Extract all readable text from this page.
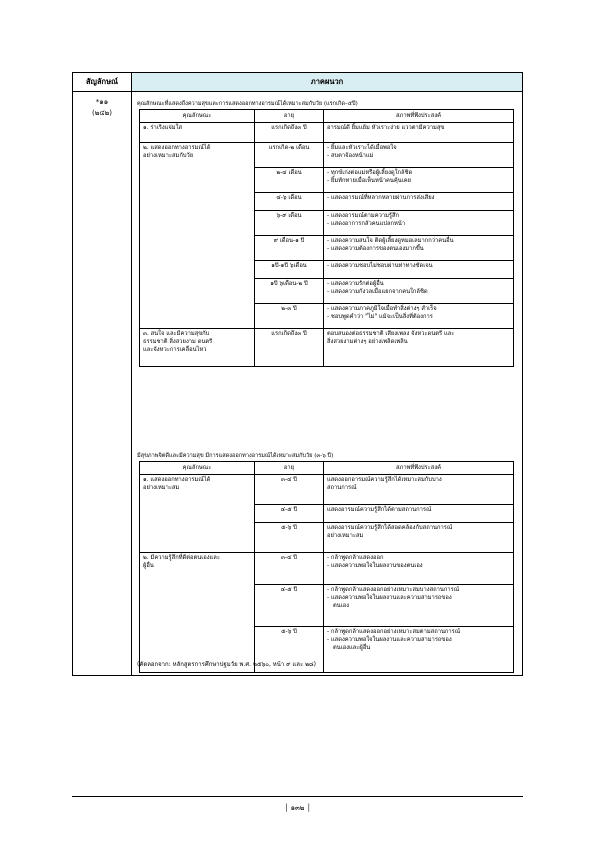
สัญลักษณ์	ภาคผนวก
*๑๑
(๒๔๒)
คุณลักษณะที่แสดงถึงความสุขและการแสดงออกทางอารมณ์ได้เหมาะสมกับวัย (แรกเกิด–๕ปี)
คุณลักษณะ	อายุ	สภาพที่พึงประสงค์

๑. ร่าเริงแจ่มใส	แรกเกิดถึง๓ ปี	อารมณ์ดี ยิ้มแย้ม หัวเราะง่าย แววตามีความสุข

๒. แสดงออกทางอารมณ์ได้
อย่างเหมาะสมกับวัย	แรกเกิด-๒ เดือน	- ยิ้มและหัวเราะได้เมื่อพอใจ
- สบตาจ้องหน้าแม่

	๒-๔ เดือน	- ทุกข์เก่งต่อแม่หรือผู้เลี้ยงดูใกล้ชิด
- ยิ้มทักทายเมื่อเห็นหน้าคนคุ้นเคย

	๔-๖ เดือน	- แสดงอารมณ์ที่หลากหลายผ่านการส่งเสียง

	๖-๙ เดือน	- แสดงอารมณ์ตามความรู้สึก
- แสดงอาการกลัวคนแปลกหน้า

	๙ เดือน-๑ ปี	- แสดงความสนใจ ติดผู้เลี้ยงดูหมอเลมากกว่าคนอื่น
- แสดงความต้องการของตนเองมากขึ้น

	๑ปี-๑ปี ๖เดือน	- แสดงความชอบไม่ชอบผ่านท่าทางชัดเจน

	๑ปี ๖เดือน-๒ ปี	- แสดงความรักต่อผู้อื่น
- แสดงความกังวลเมื่อแยกจากคนใกล้ชิด

	๒-๓ ปี	- แสดงความภาคภูมิใจเมื่อทำสิ่งต่างๆ สำเร็จ
- ชอบพูดคำว่า "ไม่" แม้จะเป็นสิ่งที่ต้องการ

๓. สนใจ และมีความสุขกับ
ธรรมชาติ สิ่งสวยงาม ดนตรี
และจังหวะการเคลื่อนไหว	แรกเกิดถึง๓ ปี	ตอบสนองต่อธรรมชาติ เสียงเพลง จังหวะดนตรี และ
สิ่งสวยงามต่างๆ อย่างเพลิดเพลิน
มีสุขภาพจิตดีและมีความสุข มีการแสดงออกทางอารมณ์ได้เหมาะสมกับวัย (๓-๖ ปี)
คุณลักษณะ	อายุ	สภาพที่พึงประสงค์

๑. แสดงออกทางอารมณ์ได้
อย่างเหมาะสม	๓-๔ ปี	แสดงออกอารมณ์ความรู้สึกได้เหมาะสมกับบาง
สถานการณ์

	๔-๕ ปี	แสดงอารมณ์ความรู้สึกได้ตามสถานการณ์

	๕-๖ ปี	แสดงอารมณ์ความรู้สึกได้สอดคล้องกับสถานการณ์
อย่างเหมาะสม

๒. มีความรู้สึกที่ดีต่อตนเองและ
ผู้อื่น	๓-๔ ปี	- กล้าพูดกล้าแสดงออก
- แสดงความพอใจในผลงานของตนเอง

	๔-๕ ปี	- กล้าพูดกล้าแสดงออกอย่างเหมาะสมบางสถานการณ์
- แสดงความพอใจในผลงานและความสามารถของ
ตนเอง

	๕-๖ ปี	- กล้าพูดกล้าแสดงออกอย่างเหมาะสมตามสถานการณ์
- แสดงความพอใจในผลงานและความสามารถของ
ตนเองและผู้อื่น
(คัดลอกจาก: หลักสูตรการศึกษาปฐมวัย พ.ศ. ๒๕๖๐, หน้า ๙ และ ๒๘)
│ ๑๓๒ │
